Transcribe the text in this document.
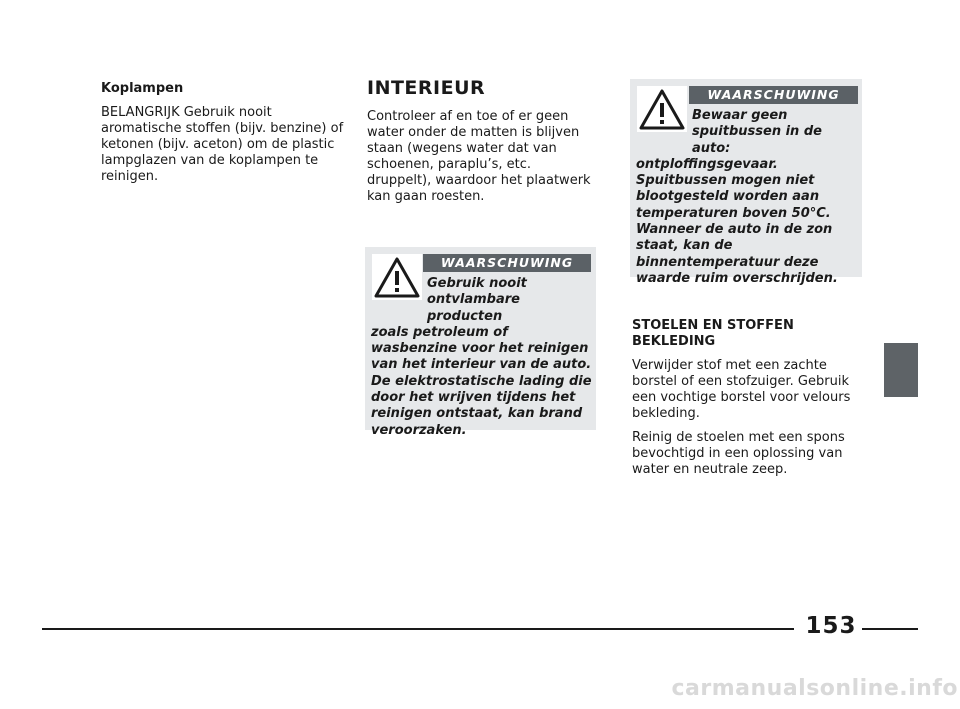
Koplampen

BELANGRIJK Gebruik nooit aromatische stoffen (bijv. benzine) of ketonen (bijv. aceton) om de plastic lampglazen van de koplampen te reinigen.

INTERIEUR

Controleer af en toe of er geen water onder de matten is blijven staan (wegens water dat van schoenen, paraplu’s, etc. druppelt), waardoor het plaatwerk kan gaan roesten.

WAARSCHUWING
Gebruik nooit ontvlambare producten
zoals petroleum of wasbenzine voor het reinigen van het interieur van de auto. De elektrostatische lading die door het wrijven tijdens het reinigen ontstaat, kan brand veroorzaken.
WAARSCHUWING
Bewaar geen spuitbussen in de auto:
ontploffingsgevaar. Spuitbussen mogen niet blootgesteld worden aan temperaturen boven 50°C. Wanneer de auto in de zon staat, kan de binnentemperatuur deze waarde ruim overschrijden.
STOELEN EN STOFFEN BEKLEDING

Verwijder stof met een zachte borstel of een stofzuiger. Gebruik een vochtige borstel voor velours bekleding.

Reinig de stoelen met een spons bevochtigd in een oplossing van water en neutrale zeep.

153
carmanualsonline.info
